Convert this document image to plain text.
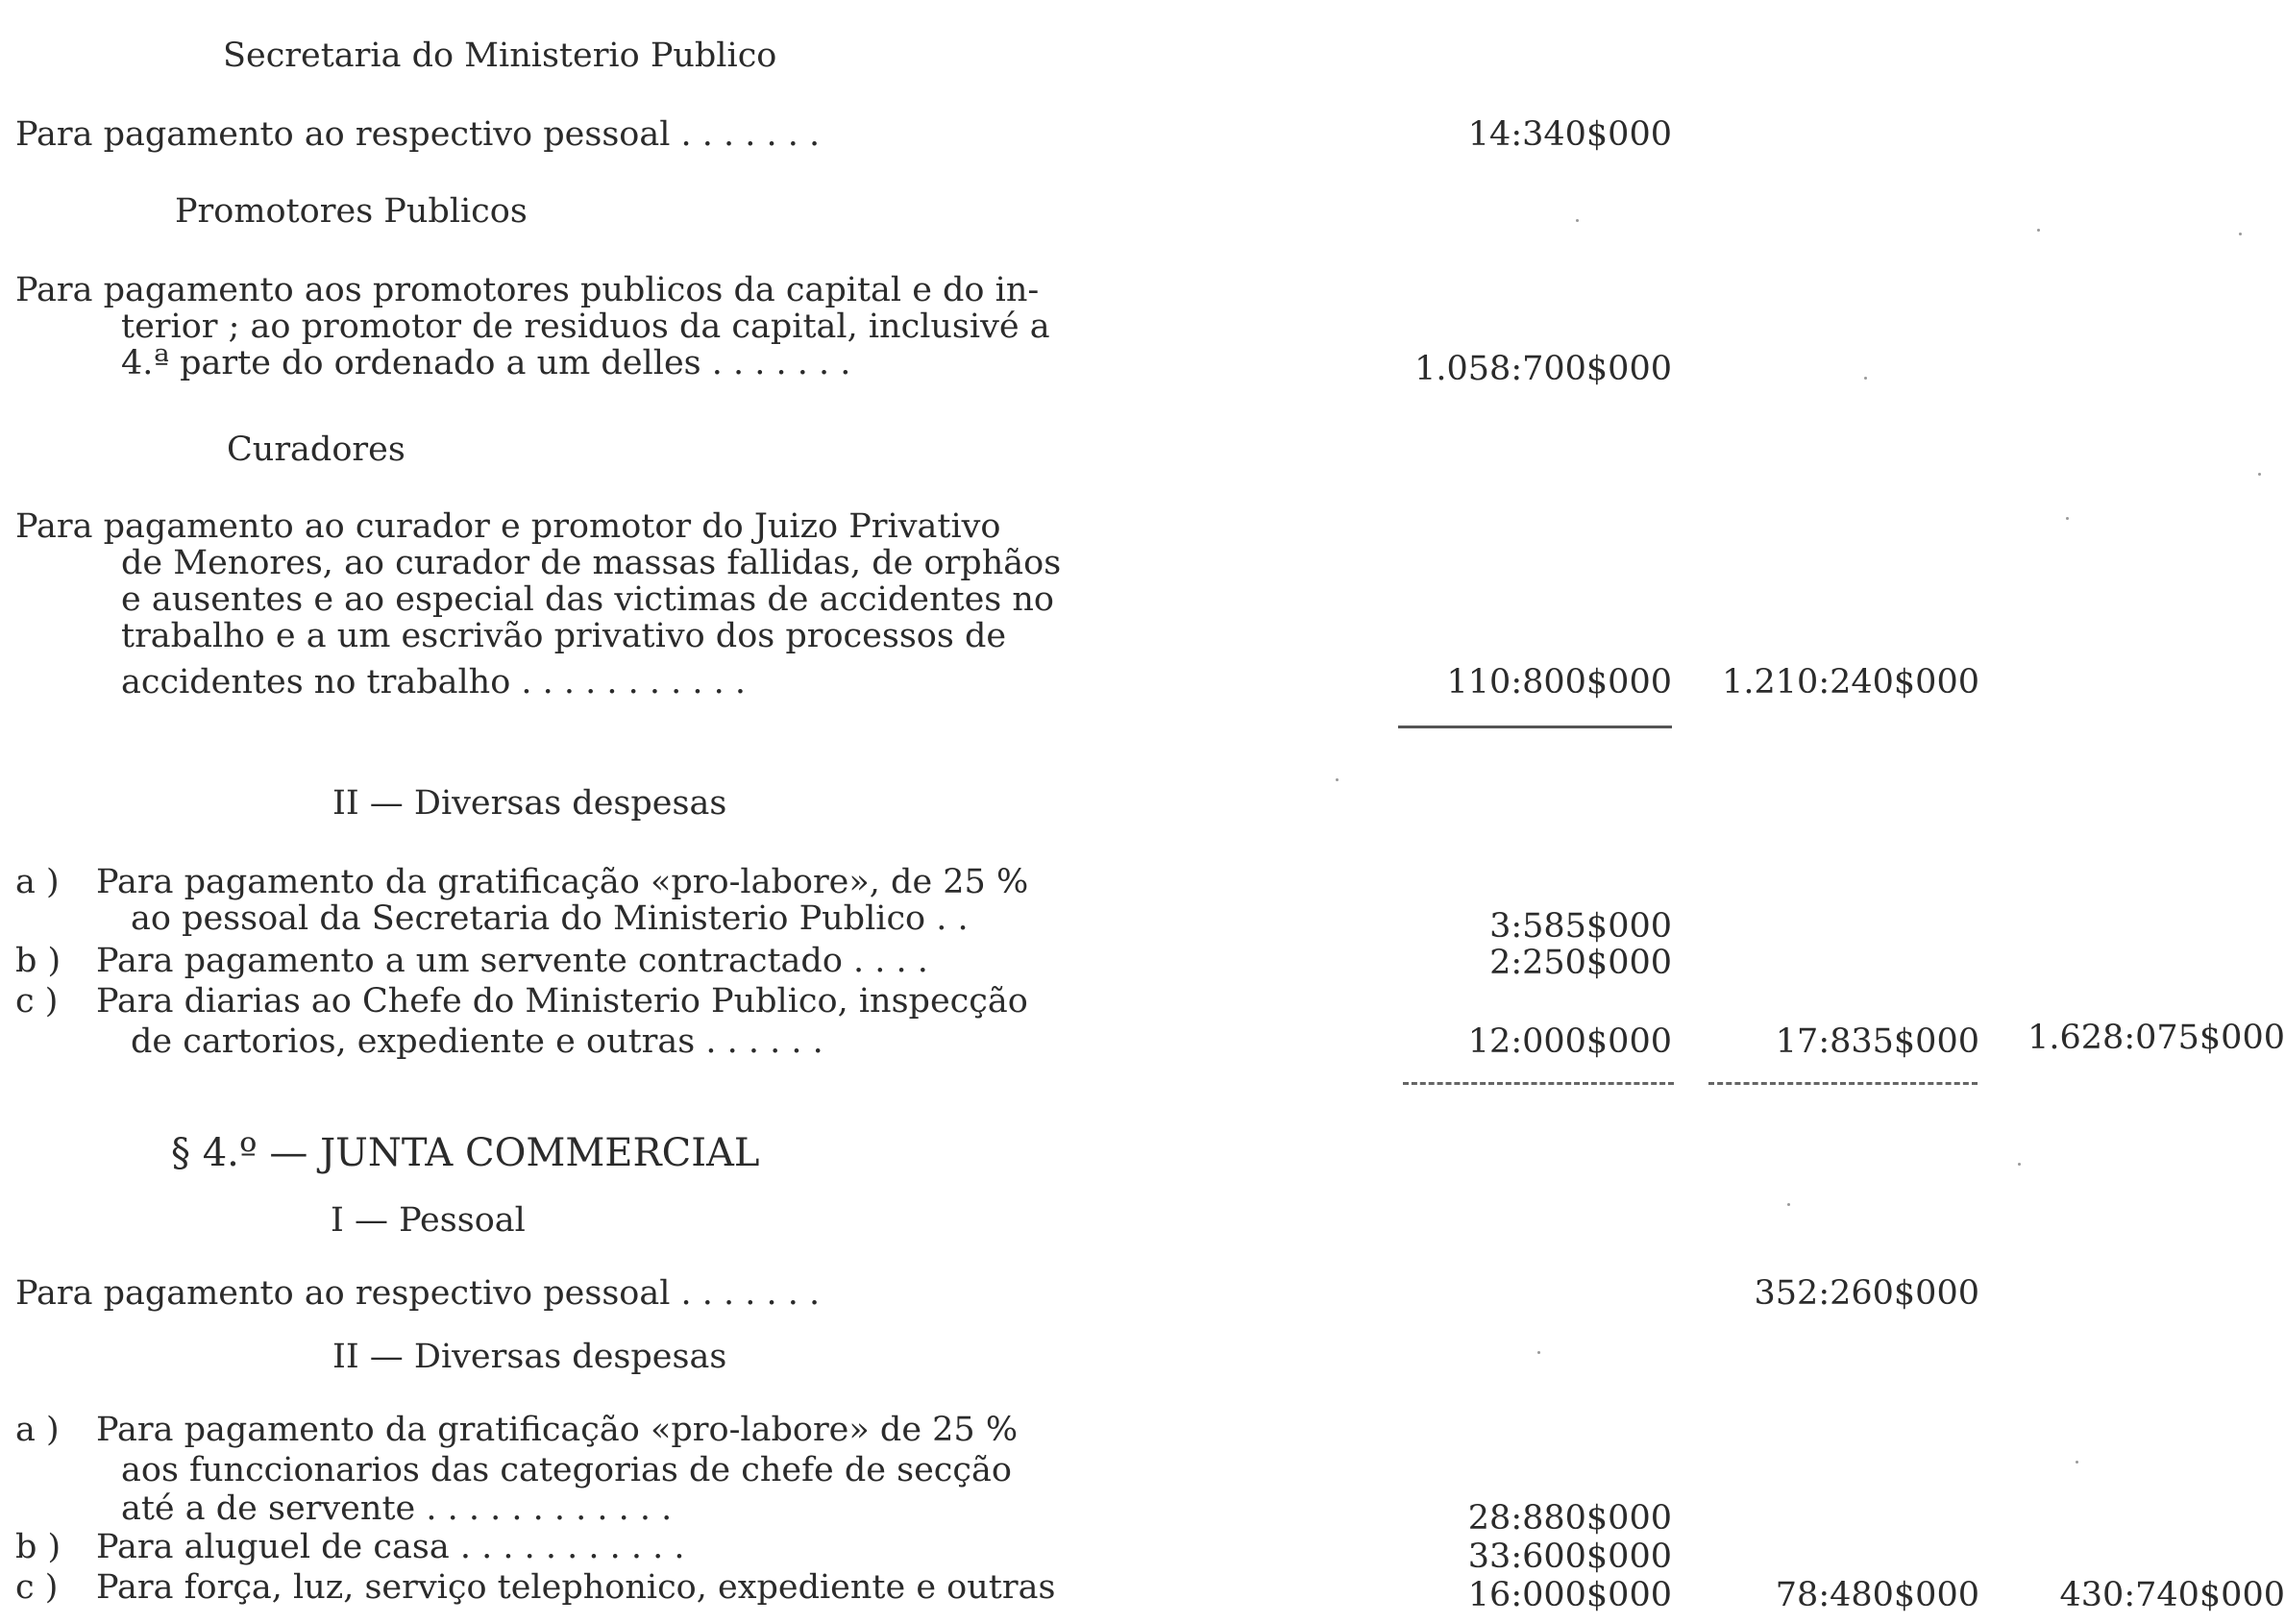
Secretaria do Ministerio Publico
Para pagamento ao respectivo pessoal . . . . . . .	14:340$000
Promotores Publicos
Para pagamento aos promotores publicos da capital e do in-
terior ; ao promotor de residuos da capital, inclusivé a
4.ª parte do ordenado a um delles . . . . . . .	1.058:700$000
Curadores
Para pagamento ao curador e promotor do Juizo Privativo
de Menores, ao curador de massas fallidas, de orphãos
e ausentes e ao especial das victimas de accidentes no
trabalho e a um escrivão privativo dos processos de
accidentes no trabalho . . . . . . . . . . .	110:800$000	1.210:240$000
II — Diversas despesas
a ) Para pagamento da gratificação «pro-labore», de 25 %
ao pessoal da Secretaria do Ministerio Publico . .	3:585$000
b ) Para pagamento a um servente contractado . . . .	2:250$000
c ) Para diarias ao Chefe do Ministerio Publico, inspecção
de cartorios, expediente e outras . . . . . .	12:000$000	17:835$000	1.628:075$000
§ 4.º — JUNTA COMMERCIAL
I — Pessoal
Para pagamento ao respectivo pessoal . . . . . . .	352:260$000
II — Diversas despesas
a ) Para pagamento da gratificação «pro-labore» de 25 %
aos funccionarios das categorias de chefe de secção
até a de servente . . . . . . . . . . . .	28:880$000
b ) Para aluguel de casa . . . . . . . . . . .	33:600$000
c ) Para força, luz, serviço telephonico, expediente e outras	16:000$000	78:480$000	430:740$000
